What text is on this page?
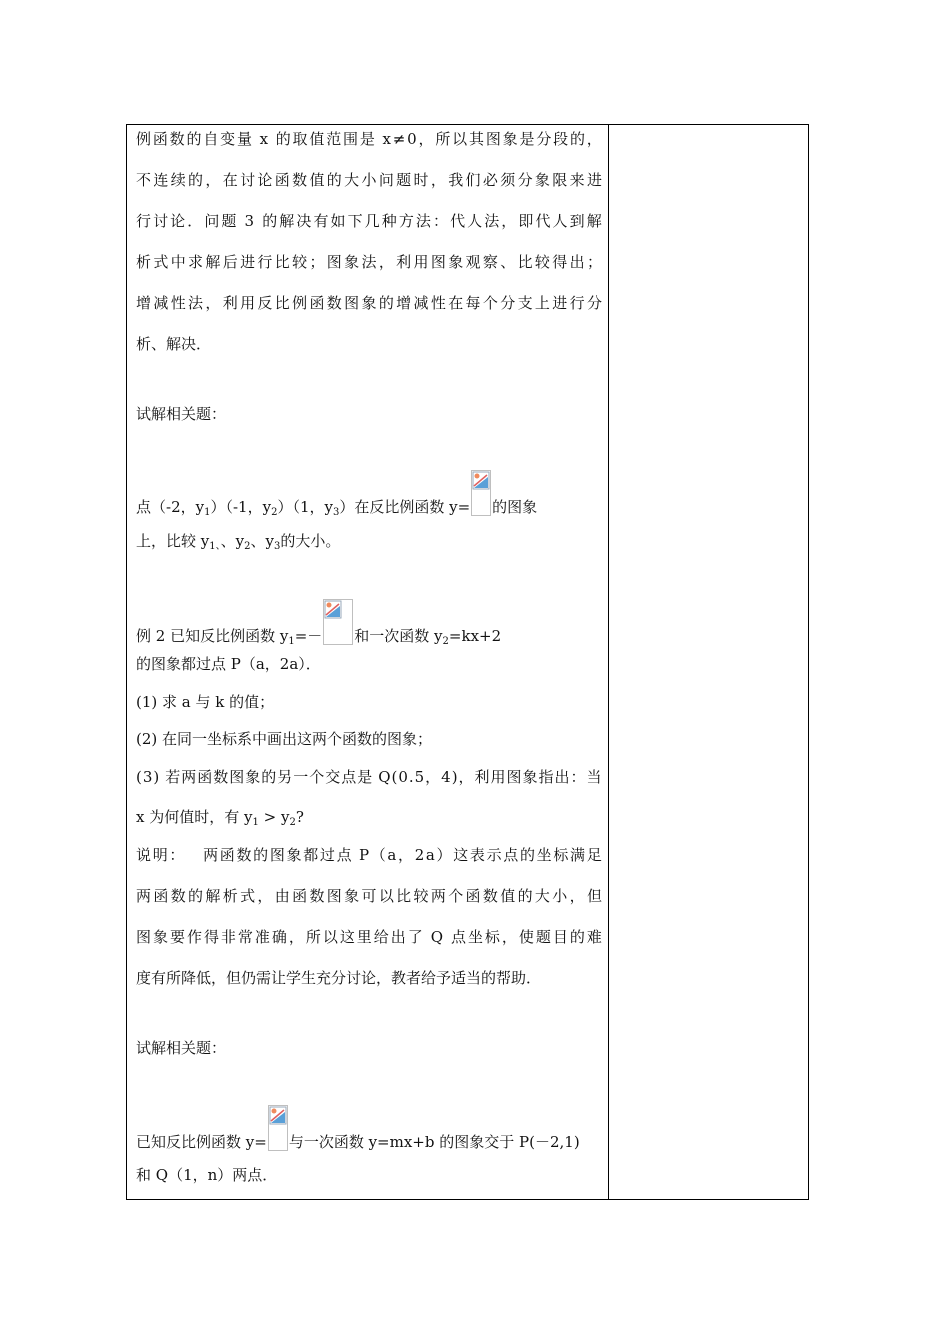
例 函 数 的 自 变 量 x 的 取 值 范 围 是 x ≠ 0 ， 所 以 其 图 象 是 分 段 的 ，
不 连 续 的 ， 在 讨 论 函 数 值 的 大 小 问 题 时 ， 我 们 必 须 分 象 限 来 进
行 讨 论 ． 问 题 3 的 解 决 有 如 下 几 种 方 法 ： 代 人 法 ， 即 代 人 到 解
析 式 中 求 解 后 进 行 比 较 ； 图 象 法 ， 利 用 图 象 观 察 、 比 较 得 出 ；
增 减 性 法 ， 利 用 反 比 例 函 数 图 象 的 增 减 性 在 每 个 分 支 上 进 行 分
析、解决．
试解相关题：
点（-2，$y_1)(-1$，$y_2)(1$，$y_3$）在反比例函数 y= 的图象
上，比较 $y_{1、}$、$y_2$、$y_3$的大小。
例 2 已知反比例函数 $y_1=-$ 和一次函数 $y_2=kx+2$
的图象都过点 P（a，2a）．
(1) 求 a 与 k 的值；
(2) 在同一坐标系中画出这两个函数的图象；
( 3 ) 若 两 函 数 图 象 的 另 一 个 交 点 是 Q ( 0 . 5 ， 4 ) ， 利 用 图 象 指 出 ： 当
x 为何值时，有 $y_1 > y_2$?
说 明 ： 两 函 数 的 图 象 都 过 点 P （ a ， 2 a ） 这 表 示 点 的 坐 标 满 足
两 函 数 的 解 析 式 ， 由 函 数 图 象 可 以 比 较 两 个 函 数 值 的 大 小 ， 但
图 象 要 作 得 非 常 准 确 ， 所 以 这 里 给 出 了 Q 点 坐 标 ， 使 题 目 的 难
度有所降低，但仍需让学生充分讨论，教者给予适当的帮助．
试解相关题：
已知反比例函数 y= 与一次函数 y=mx+b 的图象交于 P(－2,1)
和 Q（1，n）两点．
